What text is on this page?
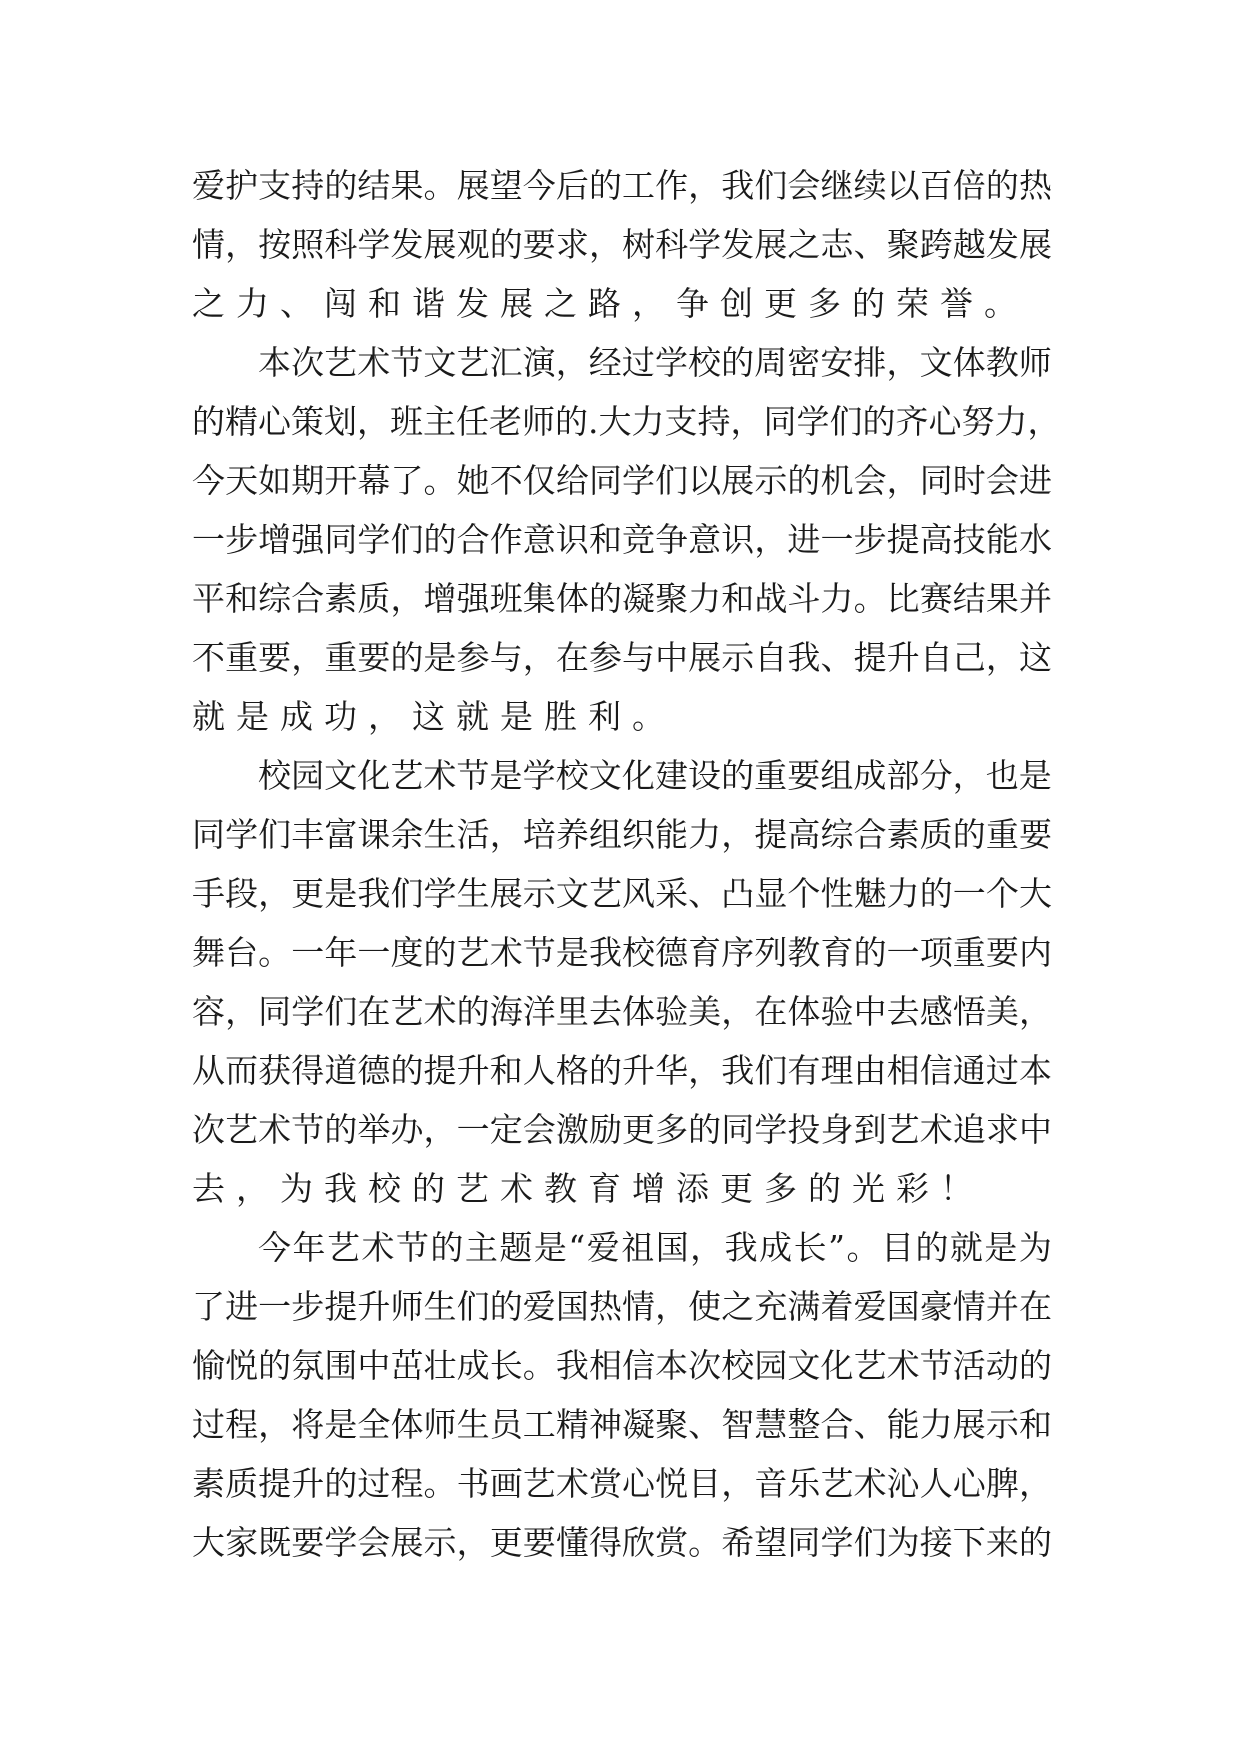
爱 护 支 持 的 结 果 。 展 望 今 后 的 工 作 ， 我 们 会 继 续 以 百 倍 的 热
情 ， 按 照 科 学 发 展 观 的 要 求 ， 树 科 学 发 展 之 志 、 聚 跨 越 发 展
之 力 、 闯 和 谐 发 展 之 路 ， 争 创 更 多 的 荣 誉 。
本 次 艺 术 节 文 艺 汇 演 ， 经 过 学 校 的 周 密 安 排 ， 文 体 教 师
的 精 心 策 划 ， 班 主 任 老 师 的 . 大 力 支 持 ， 同 学 们 的 齐 心 努 力 ，
今 天 如 期 开 幕 了 。 她 不 仅 给 同 学 们 以 展 示 的 机 会 ， 同 时 会 进
一 步 增 强 同 学 们 的 合 作 意 识 和 竞 争 意 识 ， 进 一 步 提 高 技 能 水
平 和 综 合 素 质 ， 增 强 班 集 体 的 凝 聚 力 和 战 斗 力 。 比 赛 结 果 并
不 重 要 ， 重 要 的 是 参 与 ， 在 参 与 中 展 示 自 我 、 提 升 自 己 ， 这
就 是 成 功 ， 这 就 是 胜 利 。
校 园 文 化 艺 术 节 是 学 校 文 化 建 设 的 重 要 组 成 部 分 ， 也 是
同 学 们 丰 富 课 余 生 活 ， 培 养 组 织 能 力 ， 提 高 综 合 素 质 的 重 要
手 段 ， 更 是 我 们 学 生 展 示 文 艺 风 采 、 凸 显 个 性 魅 力 的 一 个 大
舞 台 。 一 年 一 度 的 艺 术 节 是 我 校 德 育 序 列 教 育 的 一 项 重 要 内
容 ， 同 学 们 在 艺 术 的 海 洋 里 去 体 验 美 ， 在 体 验 中 去 感 悟 美 ，
从 而 获 得 道 德 的 提 升 和 人 格 的 升 华 ， 我 们 有 理 由 相 信 通 过 本
次 艺 术 节 的 举 办 ， 一 定 会 激 励 更 多 的 同 学 投 身 到 艺 术 追 求 中
去 ， 为 我 校 的 艺 术 教 育 增 添 更 多 的 光 彩 ！
今 年 艺 术 节 的 主 题 是 “ 爱 祖 国 ， 我 成 长 ” 。 目 的 就 是 为
了 进 一 步 提 升 师 生 们 的 爱 国 热 情 ， 使 之 充 满 着 爱 国 豪 情 并 在
愉 悦 的 氛 围 中 茁 壮 成 长 。 我 相 信 本 次 校 园 文 化 艺 术 节 活 动 的
过 程 ， 将 是 全 体 师 生 员 工 精 神 凝 聚 、 智 慧 整 合 、 能 力 展 示 和
素 质 提 升 的 过 程 。 书 画 艺 术 赏 心 悦 目 ， 音 乐 艺 术 沁 人 心 脾 ，
大 家 既 要 学 会 展 示 ， 更 要 懂 得 欣 赏 。 希 望 同 学 们 为 接 下 来 的
